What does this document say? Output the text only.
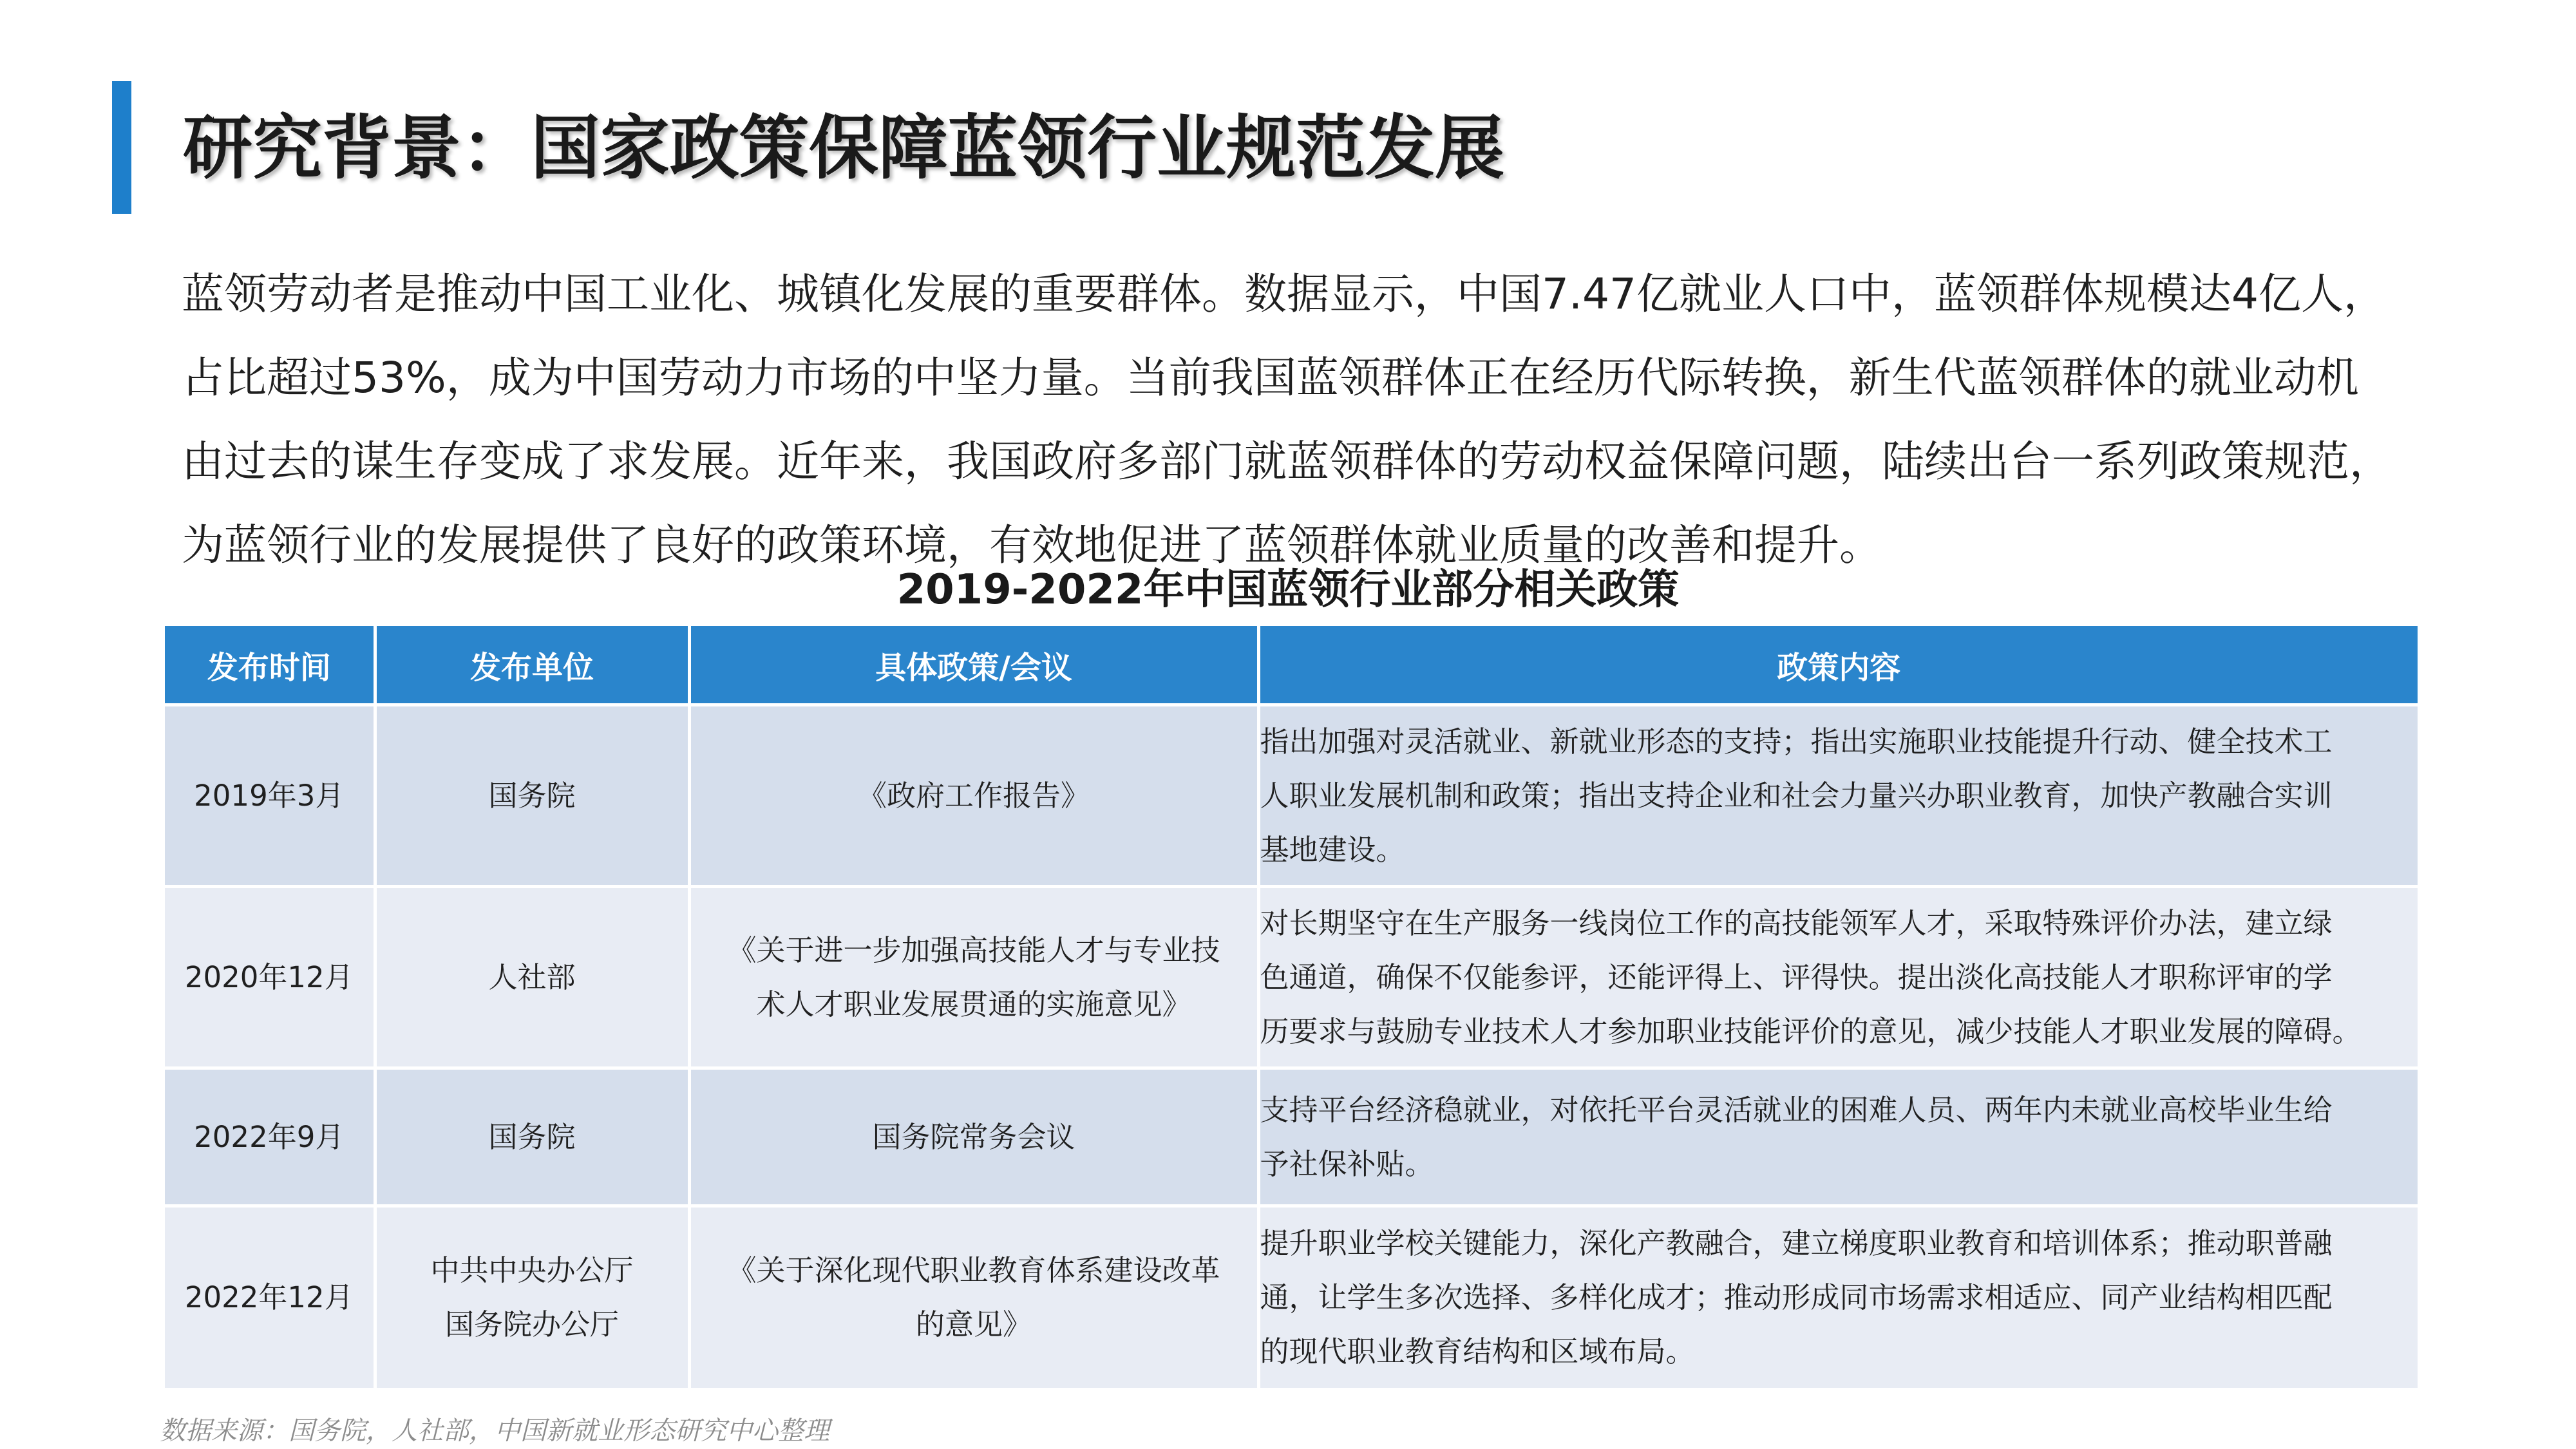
研究背景：国家政策保障蓝领行业规范发展
蓝领劳动者是推动中国工业化、城镇化发展的重要群体。数据显示，中国7.47亿就业人口中，蓝领群体规模达4亿人，
占比超过53%，成为中国劳动力市场的中坚力量。当前我国蓝领群体正在经历代际转换，新生代蓝领群体的就业动机
由过去的谋生存变成了求发展。近年来，我国政府多部门就蓝领群体的劳动权益保障问题，陆续出台一系列政策规范，
为蓝领行业的发展提供了良好的政策环境，有效地促进了蓝领群体就业质量的改善和提升。
2019-2022年中国蓝领行业部分相关政策
发布时间	发布单位	具体政策/会议	政策内容
2019年3月	国务院	《政府工作报告》	指出加强对灵活就业、新就业形态的支持；指出实施职业技能提升行动、健全技术工
人职业发展机制和政策；指出支持企业和社会力量兴办职业教育，加快产教融合实训
基地建设。

2020年12月	人社部	《关于进一步加强高技能人才与专业技
术人才职业发展贯通的实施意见》	对长期坚守在生产服务一线岗位工作的高技能领军人才，采取特殊评价办法，建立绿
色通道，确保不仅能参评，还能评得上、评得快。提出淡化高技能人才职称评审的学
历要求与鼓励专业技术人才参加职业技能评价的意见，减少技能人才职业发展的障碍。

2022年9月	国务院	国务院常务会议	支持平台经济稳就业，对依托平台灵活就业的困难人员、两年内未就业高校毕业生给
予社保补贴。

2022年12月	中共中央办公厅
国务院办公厅	《关于深化现代职业教育体系建设改革
的意见》	提升职业学校关键能力，深化产教融合，建立梯度职业教育和培训体系；推动职普融
通，让学生多次选择、多样化成才；推动形成同市场需求相适应、同产业结构相匹配
的现代职业教育结构和区域布局。
数据来源：国务院，人社部，中国新就业形态研究中心整理
